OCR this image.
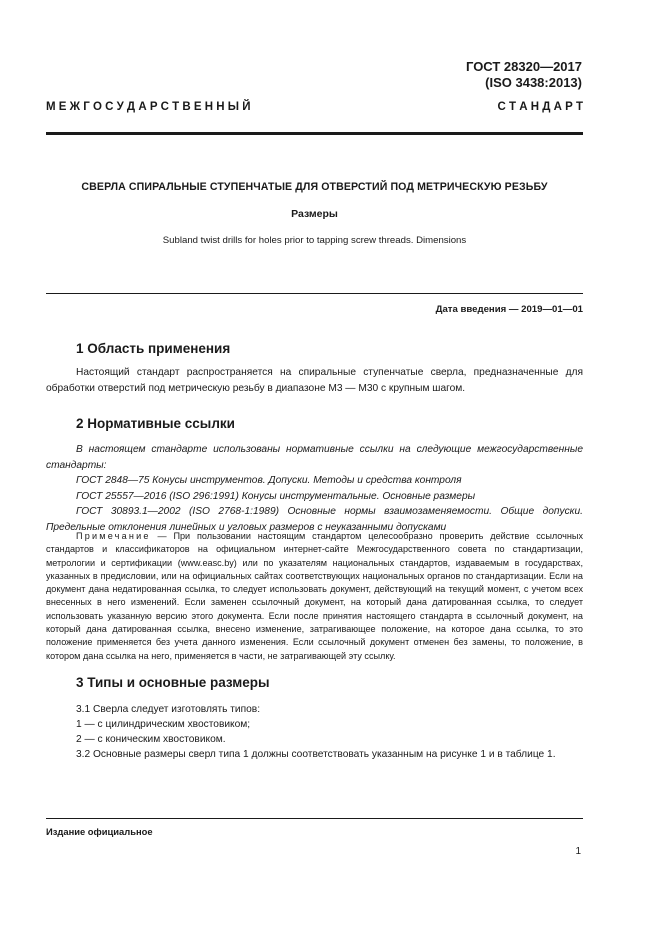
ГОСТ 28320—2017
(ISO 3438:2013)
М Е Ж Г О С У Д А Р С Т В Е Н Н Ы Й	С Т А Н Д А Р Т
СВЕРЛА СПИРАЛЬНЫЕ СТУПЕНЧАТЫЕ ДЛЯ ОТВЕРСТИЙ ПОД МЕТРИЧЕСКУЮ РЕЗЬБУ
Размеры
Subland twist drills for holes prior to tapping screw threads. Dimensions
Дата введения — 2019—01—01
1 Область применения
Настоящий стандарт распространяется на спиральные ступенчатые сверла, предназначенные для обработки отверстий под метрическую резьбу в диапазоне М3 — М30 с крупным шагом.
2 Нормативные ссылки
В настоящем стандарте использованы нормативные ссылки на следующие межгосударственные стандарты:
ГОСТ 2848—75 Конусы инструментов. Допуски. Методы и средства контроля
ГОСТ 25557—2016 (ISO 296:1991) Конусы инструментальные. Основные размеры
ГОСТ 30893.1—2002 (ISO 2768-1:1989) Основные нормы взаимозаменяемости. Общие допуски. Предельные отклонения линейных и угловых размеров с неуказанными допусками
Примечание — При пользовании настоящим стандартом целесообразно проверить действие ссылочных стандартов и классификаторов на официальном интернет-сайте Межгосударственного совета по стандартизации, метрологии и сертификации (www.easc.by) или по указателям национальных стандартов, издаваемым в государствах, указанных в предисловии, или на официальных сайтах соответствующих национальных органов по стандартизации. Если на документ дана недатированная ссылка, то следует использовать документ, действующий на текущий момент, с учетом всех внесенных в него изменений. Если заменен ссылочный документ, на который дана датированная ссылка, то следует использовать указанную версию этого документа. Если после принятия настоящего стандарта в ссылочный документ, на который дана датированная ссылка, внесено изменение, затрагивающее положение, на которое дана ссылка, то это положение применяется без учета данного изменения. Если ссылочный документ отменен без замены, то положение, в котором дана ссылка на него, применяется в части, не затрагивающей эту ссылку.
3 Типы и основные размеры
3.1 Сверла следует изготовлять типов:
1 — с цилиндрическим хвостовиком;
2 — с коническим хвостовиком.
3.2 Основные размеры сверл типа 1 должны соответствовать указанным на рисунке 1 и в таблице 1.
Издание официальное
1
